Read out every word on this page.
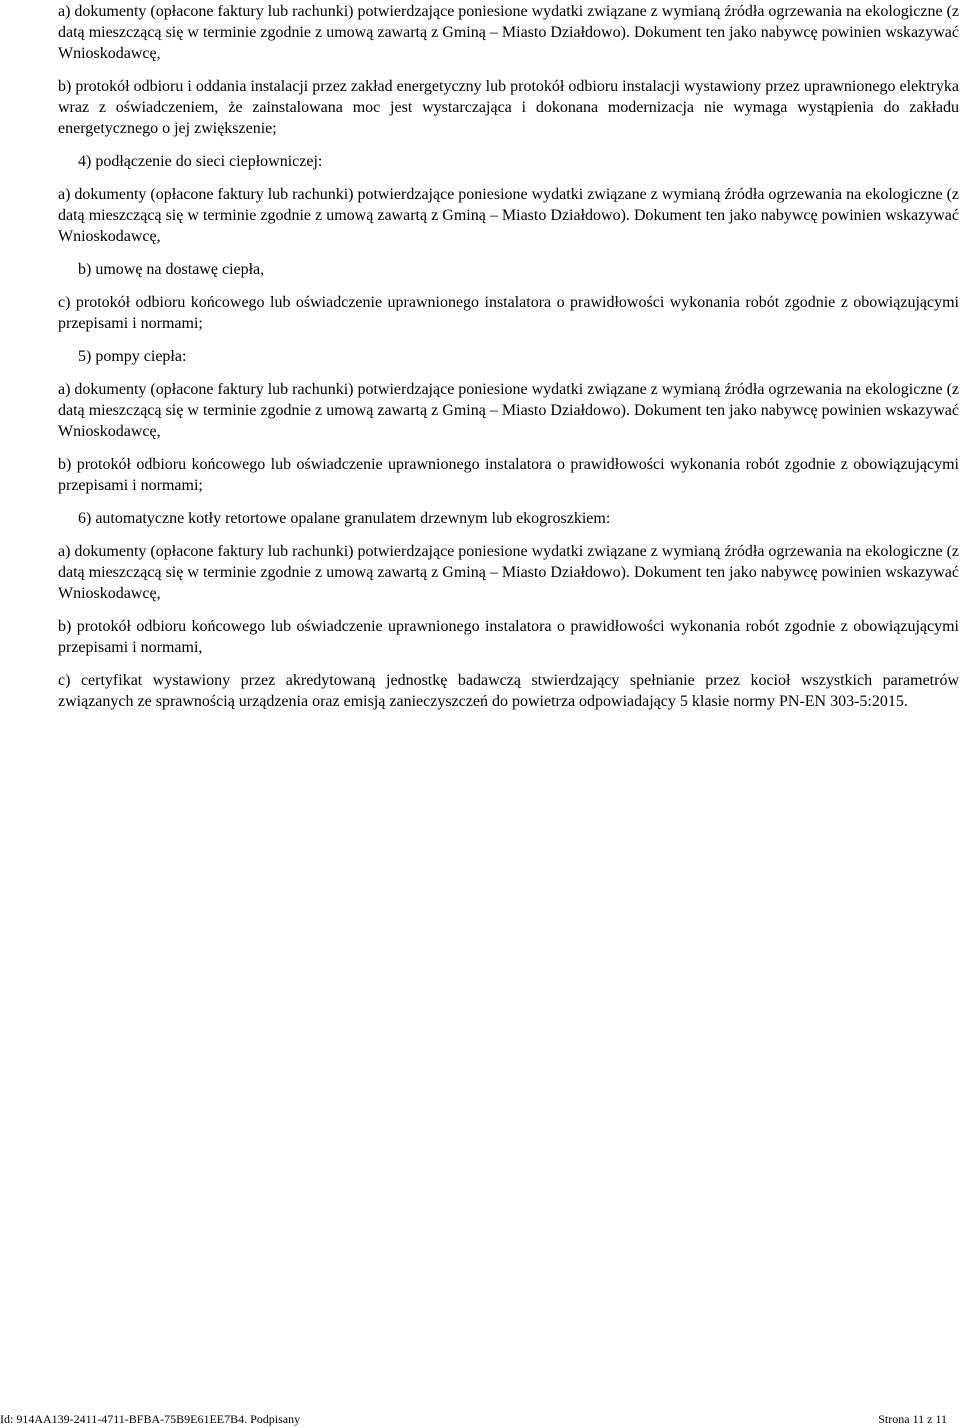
a) dokumenty (opłacone faktury lub rachunki) potwierdzające poniesione wydatki związane z wymianą źródła ogrzewania na ekologiczne (z datą mieszczącą się w terminie zgodnie z umową zawartą z Gminą – Miasto Działdowo). Dokument ten jako nabywcę powinien wskazywać Wnioskodawcę,

b) protokół odbioru i oddania instalacji przez zakład energetyczny lub protokół odbioru instalacji wystawiony przez uprawnionego elektryka wraz z oświadczeniem, że zainstalowana moc jest wystarczająca i dokonana modernizacja nie wymaga wystąpienia do zakładu energetycznego o jej zwiększenie;

4) podłączenie do sieci ciepłowniczej:

a) dokumenty (opłacone faktury lub rachunki) potwierdzające poniesione wydatki związane z wymianą źródła ogrzewania na ekologiczne (z datą mieszczącą się w terminie zgodnie z umową zawartą z Gminą – Miasto Działdowo). Dokument ten jako nabywcę powinien wskazywać Wnioskodawcę,

b) umowę na dostawę ciepła,

c) protokół odbioru końcowego lub oświadczenie uprawnionego instalatora o prawidłowości wykonania robót zgodnie z obowiązującymi przepisami i normami;

5) pompy ciepła:

a) dokumenty (opłacone faktury lub rachunki) potwierdzające poniesione wydatki związane z wymianą źródła ogrzewania na ekologiczne (z datą mieszczącą się w terminie zgodnie z umową zawartą z Gminą – Miasto Działdowo). Dokument ten jako nabywcę powinien wskazywać Wnioskodawcę,

b) protokół odbioru końcowego lub oświadczenie uprawnionego instalatora o prawidłowości wykonania robót zgodnie z obowiązującymi przepisami i normami;

6) automatyczne kotły retortowe opalane granulatem drzewnym lub ekogroszkiem:

a) dokumenty (opłacone faktury lub rachunki) potwierdzające poniesione wydatki związane z wymianą źródła ogrzewania na ekologiczne (z datą mieszczącą się w terminie zgodnie z umową zawartą z Gminą – Miasto Działdowo). Dokument ten jako nabywcę powinien wskazywać Wnioskodawcę,

b) protokół odbioru końcowego lub oświadczenie uprawnionego instalatora o prawidłowości wykonania robót zgodnie z obowiązującymi przepisami i normami,

c) certyfikat wystawiony przez akredytowaną jednostkę badawczą stwierdzający spełnianie przez kocioł wszystkich parametrów związanych ze sprawnością urządzenia oraz emisją zanieczyszczeń do powietrza odpowiadający 5 klasie normy PN-EN 303-5:2015.

Id: 914AA139-2411-4711-BFBA-75B9E61EE7B4. Podpisany	Strona 11 z 11
